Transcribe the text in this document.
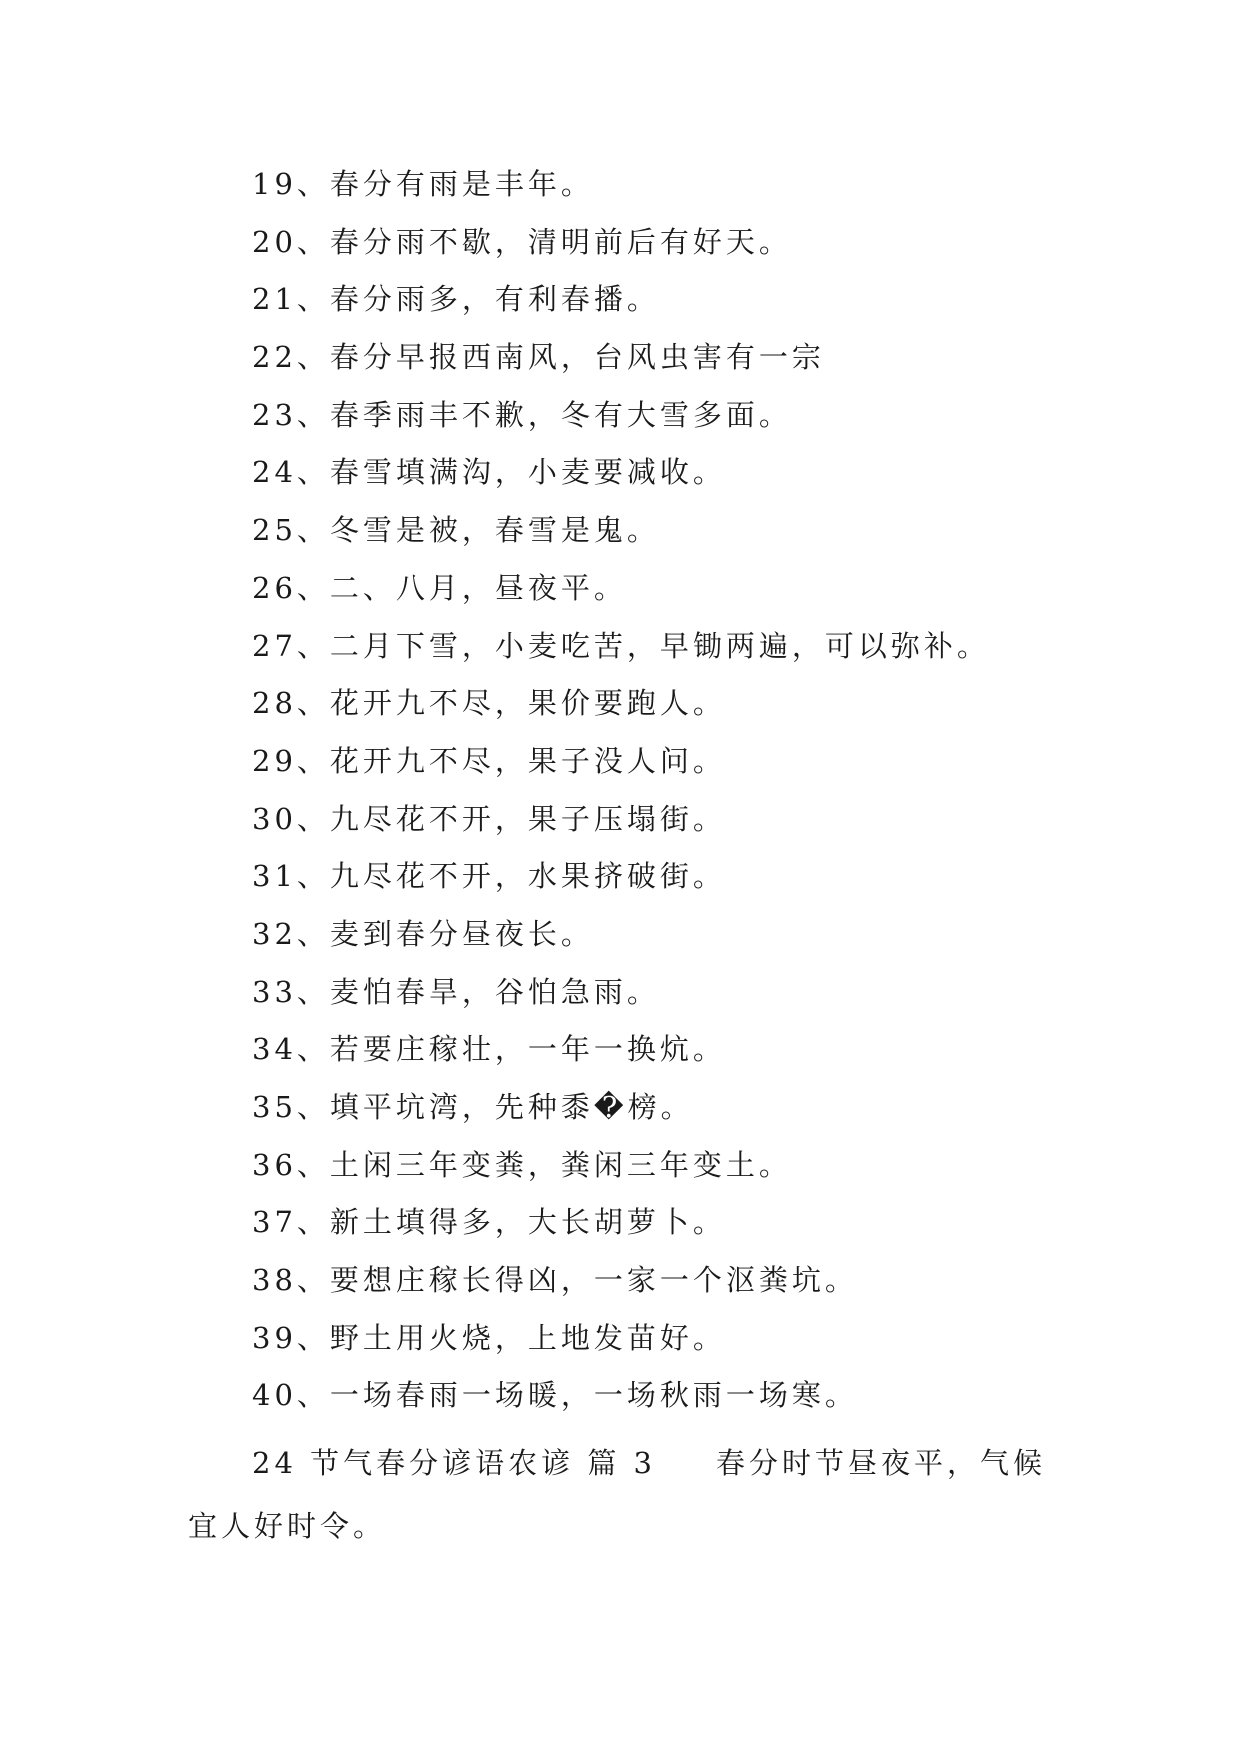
19、春分有雨是丰年。
20、春分雨不歇，清明前后有好天。
21、春分雨多，有利春播。
22、春分早报西南风，台风虫害有一宗
23、春季雨丰不歉，冬有大雪多面。
24、春雪填满沟，小麦要减收。
25、冬雪是被，春雪是鬼。
26、二、八月，昼夜平。
27、二月下雪，小麦吃苦，早锄两遍，可以弥补。
28、花开九不尽，果价要跑人。
29、花开九不尽，果子没人问。
30、九尽花不开，果子压塌街。
31、九尽花不开，水果挤破街。
32、麦到春分昼夜长。
33、麦怕春旱，谷怕急雨。
34、若要庄稼壮，一年一换炕。
35、填平坑湾，先种黍�榜。
36、土闲三年变粪，粪闲三年变土。
37、新土填得多，大长胡萝卜。
38、要想庄稼长得凶，一家一个沤粪坑。
39、野土用火烧，上地发苗好。
40、一场春雨一场暖，一场秋雨一场寒。

24 节气春分谚语农谚 篇 3 春分时节昼夜平，气候宜人好时令。
